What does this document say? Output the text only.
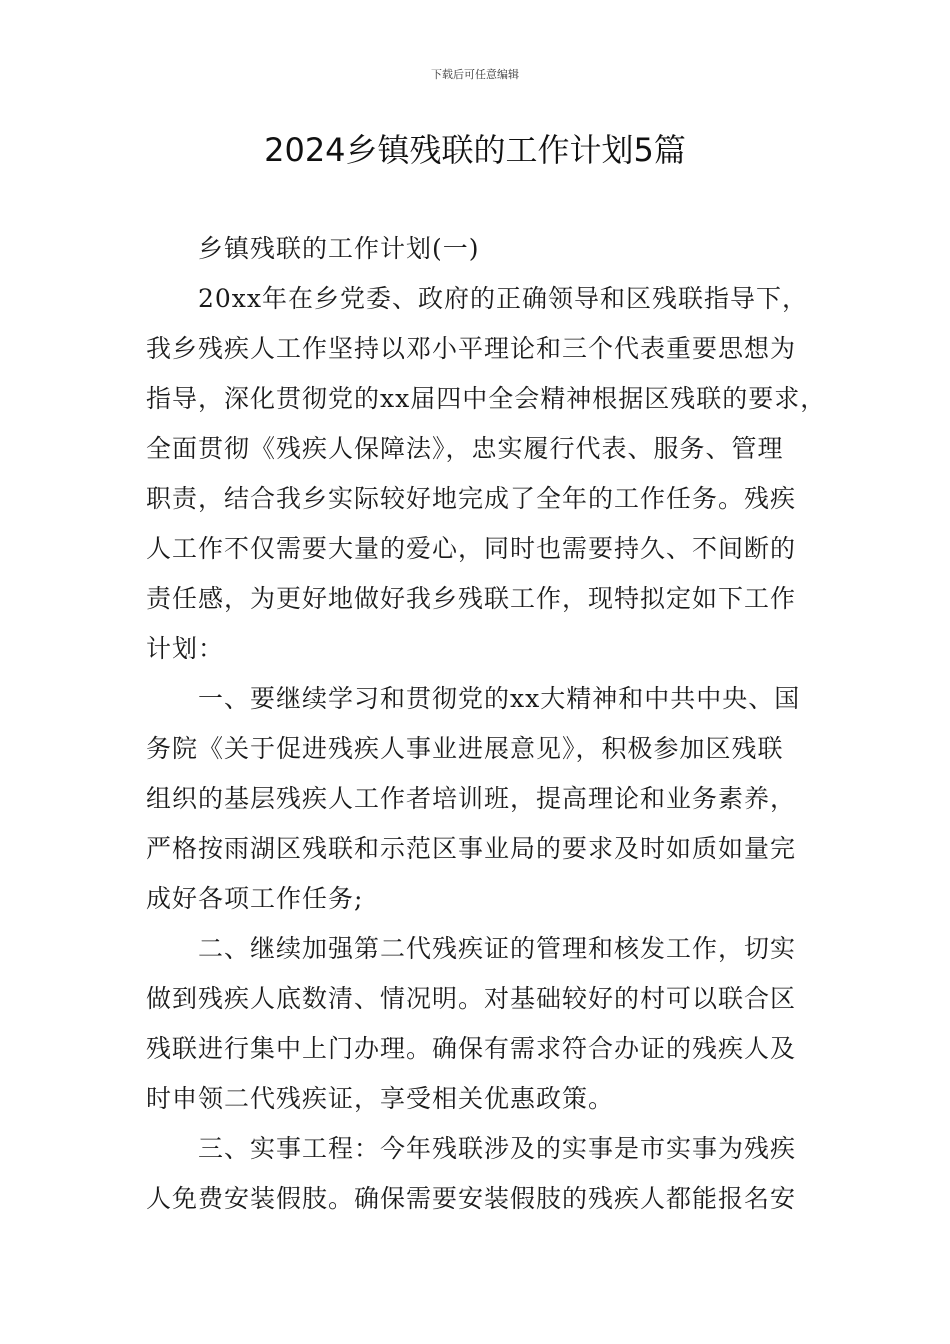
下载后可任意编辑
2024乡镇残联的工作计划5篇
乡镇残联的工作计划(一)
20xx年在乡党委、政府的正确领导和区残联指导下，
我乡残疾人工作坚持以邓小平理论和三个代表重要思想为
指导，深化贯彻党的xx届四中全会精神根据区残联的要求，
全面贯彻《残疾人保障法》，忠实履行代表、服务、管理
职责，结合我乡实际较好地完成了全年的工作任务。残疾
人工作不仅需要大量的爱心，同时也需要持久、不间断的
责任感，为更好地做好我乡残联工作，现特拟定如下工作
计划：
一、要继续学习和贯彻党的xx大精神和中共中央、国
务院《关于促进残疾人事业进展意见》，积极参加区残联
组织的基层残疾人工作者培训班，提高理论和业务素养，
严格按雨湖区残联和示范区事业局的要求及时如质如量完
成好各项工作任务;
二、继续加强第二代残疾证的管理和核发工作，切实
做到残疾人底数清、情况明。对基础较好的村可以联合区
残联进行集中上门办理。确保有需求符合办证的残疾人及
时申领二代残疾证，享受相关优惠政策。
三、实事工程：今年残联涉及的实事是市实事为残疾
人免费安装假肢。确保需要安装假肢的残疾人都能报名安
